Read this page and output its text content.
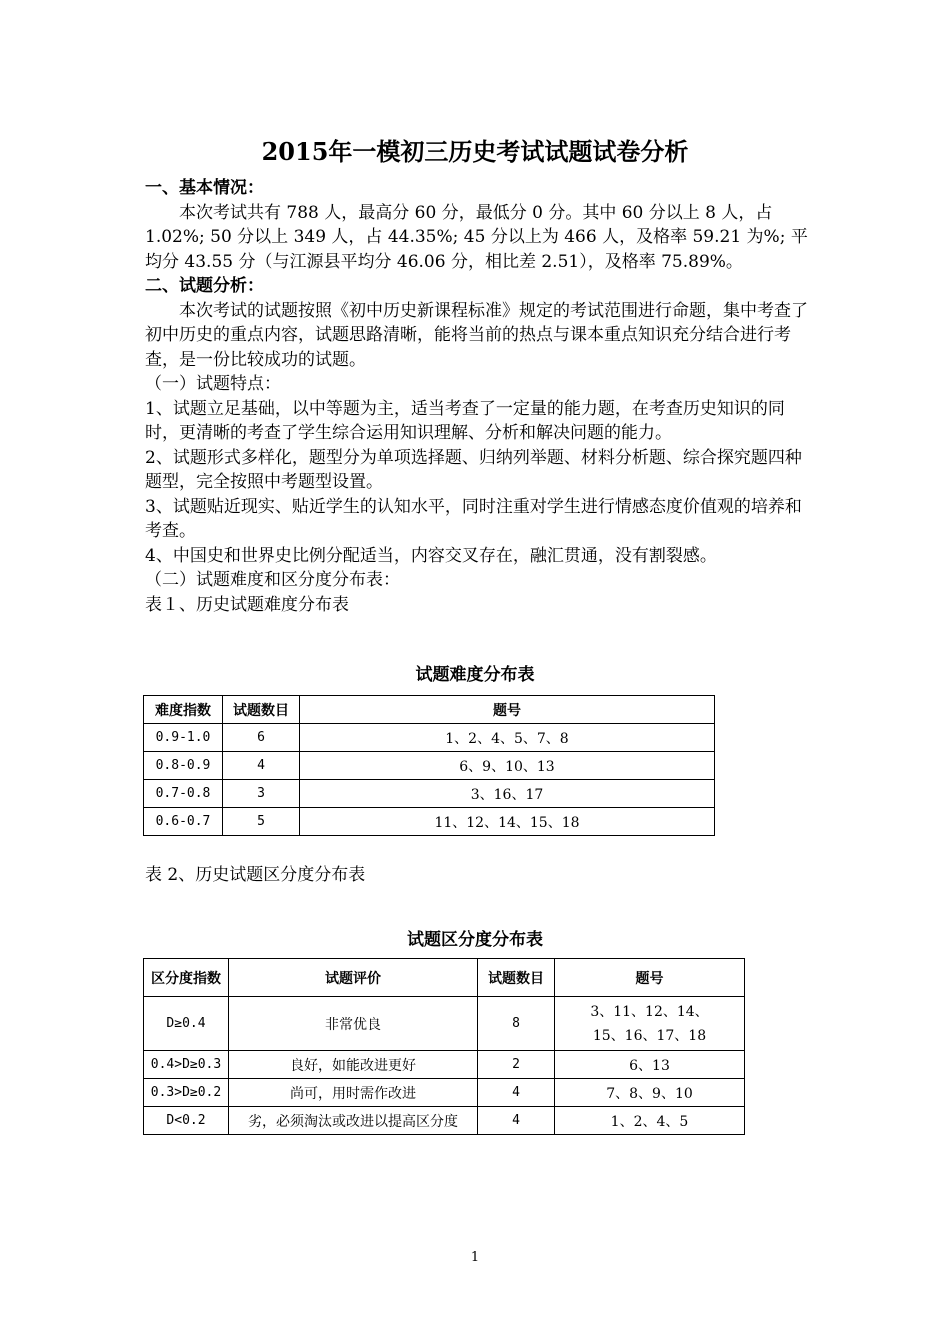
2015年一模初三历史考试试题试卷分析

一、基本情况：

本次考试共有 788 人，最高分 60 分，最低分 0 分。其中 60 分以上 8 人，占 1.02%; 50 分以上 349 人，占 44.35%; 45 分以上为 466 人，及格率 59.21 为%; 平均分 43.55 分（与江源县平均分 46.06 分，相比差 2.51），及格率 75.89%。

二、试题分析：

本次考试的试题按照《初中历史新课程标准》规定的考试范围进行命题，集中考查了初中历史的重点内容，试题思路清晰，能将当前的热点与课本重点知识充分结合进行考查，是一份比较成功的试题。

（一）试题特点：

1、试题立足基础，以中等题为主，适当考查了一定量的能力题，在考查历史知识的同时，更清晰的考查了学生综合运用知识理解、分析和解决问题的能力。

2、试题形式多样化，题型分为单项选择题、归纳列举题、材料分析题、综合探究题四种题型，完全按照中考题型设置。

3、试题贴近现实、贴近学生的认知水平，同时注重对学生进行情感态度价值观的培养和考查。

4、中国史和世界史比例分配适当，内容交叉存在，融汇贯通，没有割裂感。

（二）试题难度和区分度分布表：

表１、历史试题难度分布表

试题难度分布表
难度指数	试题数目	题号
0.9-1.0	6	1、2、4、5、7、8
0.8-0.9	4	6、9、10、13
0.7-0.8	3	3、16、17
0.6-0.7	5	11、12、14、15、18
表 2、历史试题区分度分布表
试题区分度分布表
区分度指数	试题评价	试题数目	题号
D≥0.4	非常优良	8	3、11、12、14、
15、16、17、18

0.4>D≥0.3	良好，如能改进更好	2	6、13
0.3>D≥0.2	尚可，用时需作改进	4	7、8、9、10
D<0.2	劣，必须淘汰或改进以提高区分度	4	1、2、4、5
1
